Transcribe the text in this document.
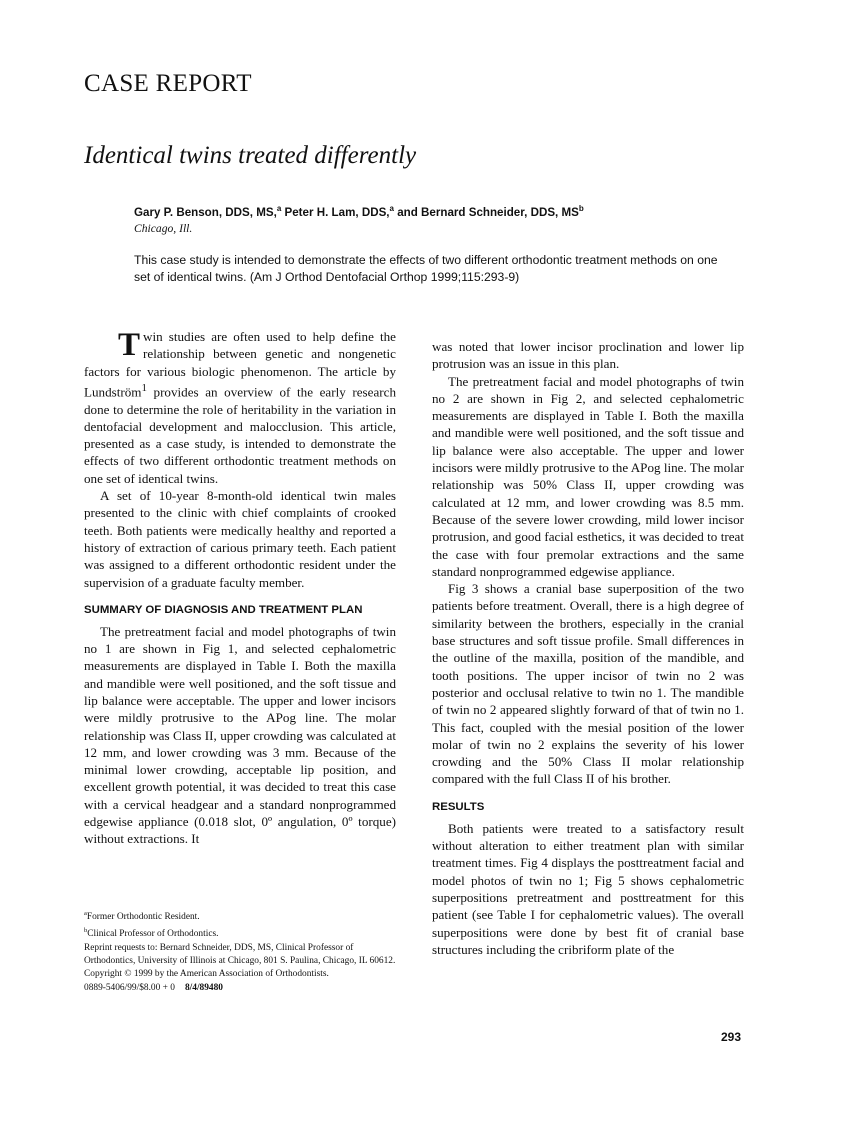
CASE REPORT
Identical twins treated differently
Gary P. Benson, DDS, MS,$^a$ Peter H. Lam, DDS,$^a$ and Bernard Schneider, DDS, $MS^b$
Chicago, Ill.
This case study is intended to demonstrate the effects of two different orthodontic treatment methods on one set of identical twins. (Am J Orthod Dentofacial Orthop 1999;115:293-9)

Twin studies are often used to help define the relationship between genetic and nongenetic factors for various biologic phenomenon. The article by Lundström$^1$ provides an overview of the early research done to determine the role of heritability in the variation in dentofacial development and malocclusion. This article, presented as a case study, is intended to demonstrate the effects of two different orthodontic treatment methods on one set of identical twins.

A set of 10-year 8-month-old identical twin males presented to the clinic with chief complaints of crooked teeth. Both patients were medically healthy and reported a history of extraction of carious primary teeth. Each patient was assigned to a different orthodontic resident under the supervision of a graduate faculty member.

SUMMARY OF DIAGNOSIS AND TREATMENT PLAN

The pretreatment facial and model photographs of twin no 1 are shown in Fig 1, and selected cephalometric measurements are displayed in Table I. Both the maxilla and mandible were well positioned, and the soft tissue and lip balance were acceptable. The upper and lower incisors were mildly protrusive to the APog line. The molar relationship was Class II, upper crowding was calculated at 12 mm, and lower crowding was 3 mm. Because of the minimal lower crowding, acceptable lip position, and excellent growth potential, it was decided to treat this case with a cervical headgear and a standard nonprogrammed edgewise appliance (0.018 slot, 0º angulation, 0º torque) without extractions. It

was noted that lower incisor proclination and lower lip protrusion was an issue in this plan.

The pretreatment facial and model photographs of twin no 2 are shown in Fig 2, and selected cephalometric measurements are displayed in Table I. Both the maxilla and mandible were well positioned, and the soft tissue and lip balance were also acceptable. The upper and lower incisors were mildly protrusive to the APog line. The molar relationship was 50% Class II, upper crowding was calculated at 12 mm, and lower crowding was 8.5 mm. Because of the severe lower crowding, mild lower incisor protrusion, and good facial esthetics, it was decided to treat the case with four premolar extractions and the same standard nonprogrammed edgewise appliance.

Fig 3 shows a cranial base superposition of the two patients before treatment. Overall, there is a high degree of similarity between the brothers, especially in the cranial base structures and soft tissue profile. Small differences in the outline of the maxilla, position of the mandible, and tooth positions. The upper incisor of twin no 2 was posterior and occlusal relative to twin no 1. The mandible of twin no 2 appeared slightly forward of that of twin no 1. This fact, coupled with the mesial position of the lower molar of twin no 2 explains the severity of his lower crowding and the 50% Class II molar relationship compared with the full Class II of his brother.

RESULTS

Both patients were treated to a satisfactory result without alteration to either treatment plan with similar treatment times. Fig 4 displays the posttreatment facial and model photos of twin no 1; Fig 5 shows cephalometric superpositions pretreatment and posttreatment for this patient (see Table I for cephalometric values). The overall superpositions were done by best fit of cranial base structures including the cribriform plate of the

$^a$Former Orthodontic Resident.
$^b$Clinical Professor of Orthodontics.
Reprint requests to: Bernard Schneider, DDS, MS, Clinical Professor of Orthodontics, University of Illinois at Chicago, 801 S. Paulina, Chicago, IL 60612.
Copyright © 1999 by the American Association of Orthodontists.
0889-5406/99/$8.00 + 0 8/4/89480
293
